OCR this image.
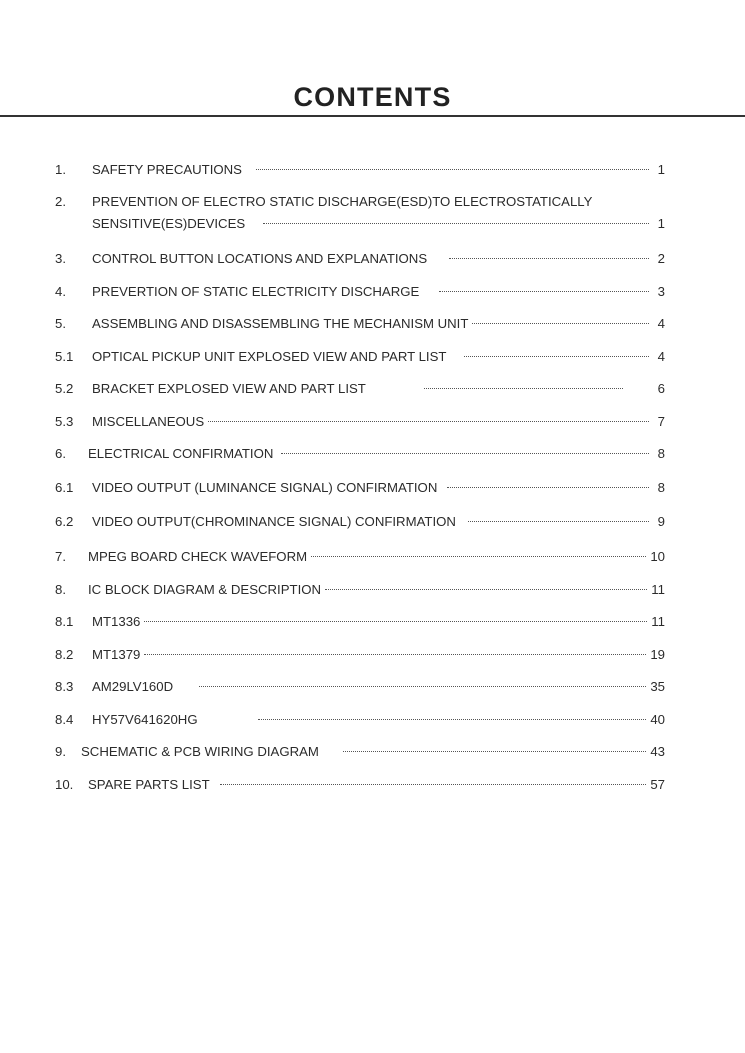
CONTENTS
1.	SAFETY PRECAUTIONS	1
2.	PREVENTION OF ELECTRO STATIC DISCHARGE(ESD)TO ELECTROSTATICALLY
SENSITIVE(ES)DEVICES	1
3.	CONTROL BUTTON LOCATIONS AND EXPLANATIONS	2
4.	PREVERTION OF STATIC ELECTRICITY DISCHARGE	3
5.	ASSEMBLING AND DISASSEMBLING THE MECHANISM UNIT	4
5.1	OPTICAL PICKUP UNIT EXPLOSED VIEW AND PART LIST	4
5.2	BRACKET EXPLOSED VIEW AND PART LIST	6
5.3	MISCELLANEOUS	7
6.	ELECTRICAL CONFIRMATION	8
6.1	VIDEO OUTPUT (LUMINANCE SIGNAL) CONFIRMATION	8
6.2	VIDEO OUTPUT(CHROMINANCE SIGNAL) CONFIRMATION	9
7.	MPEG BOARD CHECK WAVEFORM	10
8.	IC BLOCK DIAGRAM & DESCRIPTION	11
8.1	MT1336	11
8.2	MT1379	19
8.3	AM29LV160D	35
8.4	HY57V641620HG	40
9.	SCHEMATIC & PCB WIRING DIAGRAM	43
10.	SPARE PARTS LIST	57
